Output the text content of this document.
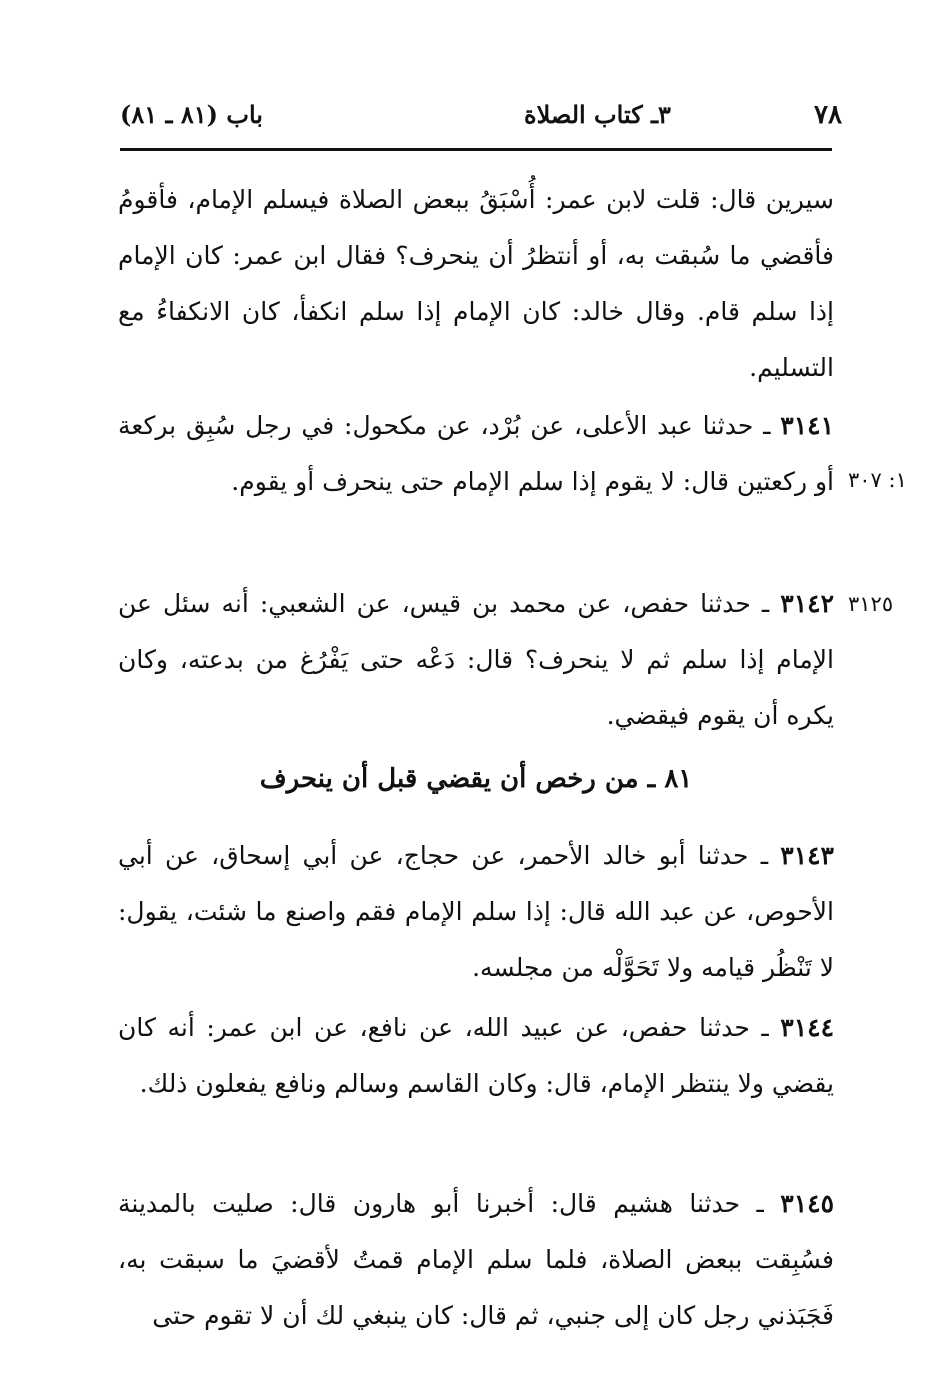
٧٨
٣ـ كتاب الصلاة
باب (٨١ ـ ٨١)

سيرين قال: قلت لابن عمر: أُسْبَقُ ببعض الصلاة فيسلم الإمام، فأقومُ فأقضي ما سُبقت به، أو أنتظرُ أن ينحرف؟ فقال ابن عمر: كان الإمام إذا سلم قام. وقال خالد: كان الإمام إذا سلم انكفأ، كان الانكفاءُ مع التسليم.

٣١٤١ ـ حدثنا عبد الأعلى، عن بُرْد، عن مكحول: في رجل سُبِق بركعة أو ركعتين قال: لا يقوم إذا سلم الإمام حتى ينحرف أو يقوم. ١: ٣٠٧

٣١٤٢ ـ حدثنا حفص، عن محمد بن قيس، عن الشعبي: أنه سئل عن الإمام إذا سلم ثم لا ينحرف؟ قال: دَعْه حتى يَفْرُغ من بدعته، وكان يكره أن يقوم فيقضي.

٣١٢٥
٨١ ـ من رخص أن يقضي قبل أن ينحرف

٣١٤٣ ـ حدثنا أبو خالد الأحمر، عن حجاج، عن أبي إسحاق، عن أبي الأحوص، عن عبد الله قال: إذا سلم الإمام فقم واصنع ما شئت، يقول: لا تَنْظُر قيامه ولا تَحَوَّلْه من مجلسه.

٣١٤٤ ـ حدثنا حفص، عن عبيد الله، عن نافع، عن ابن عمر: أنه كان يقضي ولا ينتظر الإمام، قال: وكان القاسم وسالم ونافع يفعلون ذلك.

٣١٤٥ ـ حدثنا هشيم قال: أخبرنا أبو هارون قال: صليت بالمدينة فسُبِقت ببعض الصلاة، فلما سلم الإمام قمتُ لأقضيَ ما سبقت به، فَجَبَذني رجل كان إلى جنبي، ثم قال: كان ينبغي لك أن لا تقوم حتى
